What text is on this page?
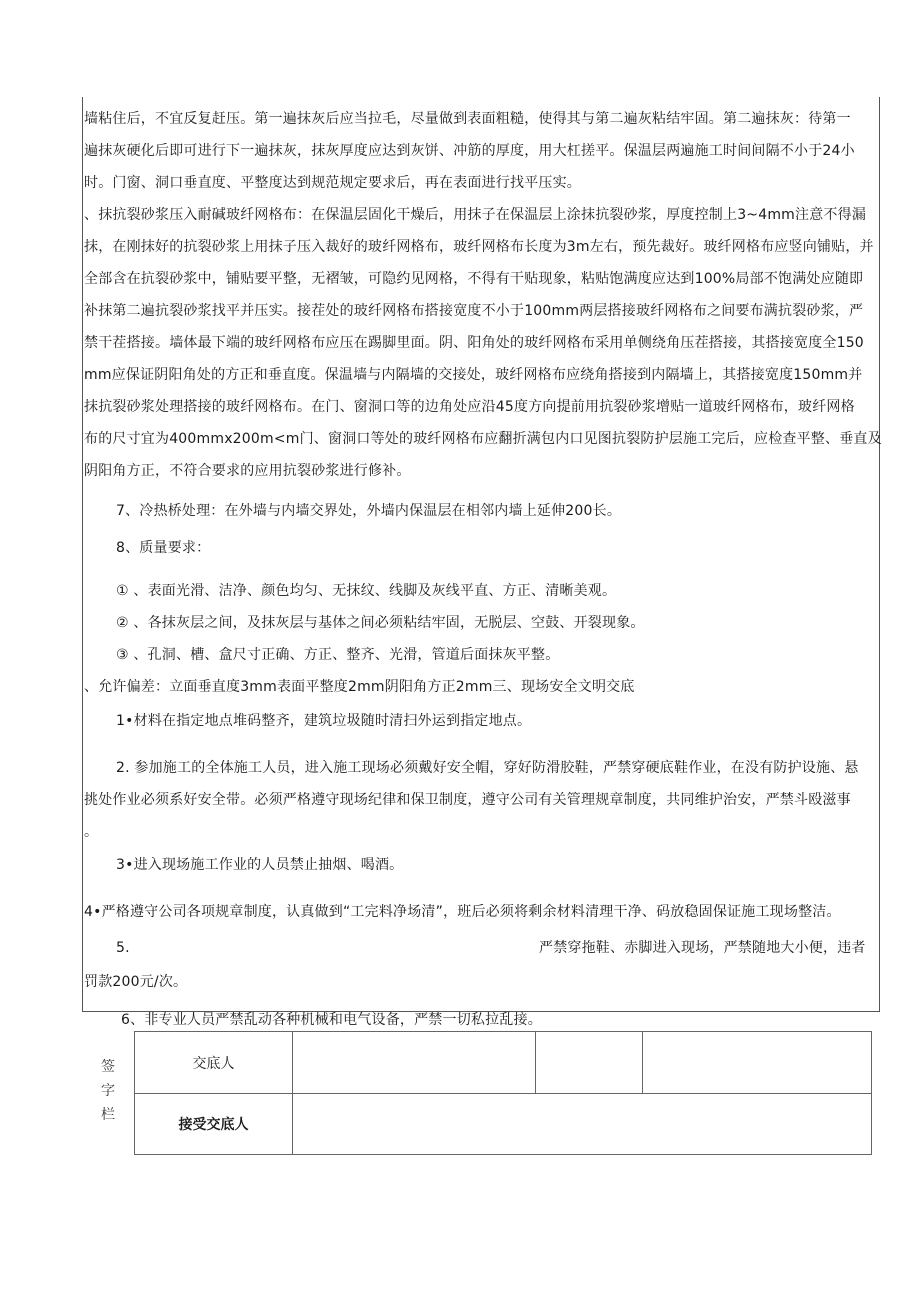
墙粘住后，不宜反复赶压。第一遍抹灰后应当拉毛，尽量做到表面粗糙，使得其与第二遍灰粘结牢固。第二遍抹灰：待第一
遍抹灰硬化后即可进行下一遍抹灰，抹灰厚度应达到灰饼、冲筋的厚度，用大杠搓平。保温层两遍施工时间间隔不小于24小
时。门窗、洞口垂直度、平整度达到规范规定要求后，再在表面进行找平压实。
、抹抗裂砂浆压入耐碱玻纤网格布：在保温层固化干燥后，用抹子在保温层上涂抹抗裂砂浆，厚度控制上3~4mm注意不得漏
抹，在刚抹好的抗裂砂浆上用抹子压入裁好的玻纤网格布，玻纤网格布长度为3m左右，预先裁好。玻纤网格布应竖向铺贴，并
全部含在抗裂砂浆中，铺贴要平整，无褶皱，可隐约见网格，不得有干贴现象，粘贴饱满度应达到100%局部不饱满处应随即
补抹第二遍抗裂砂浆找平并压实。接茬处的玻纤网格布搭接宽度不小于100mm两层搭接玻纤网格布之间要布满抗裂砂浆，严
禁干茬搭接。墙体最下端的玻纤网格布应压在踢脚里面。阴、阳角处的玻纤网格布采用单侧绕角压茬搭接，其搭接宽度全150
mm应保证阴阳角处的方正和垂直度。保温墙与内隔墙的交接处，玻纤网格布应绕角搭接到内隔墙上，其搭接宽度150mm并
抹抗裂砂浆处理搭接的玻纤网格布。在门、窗洞口等的边角处应沿45度方向提前用抗裂砂浆增贴一道玻纤网格布，玻纤网格
布的尺寸宜为400mmx200m<m门、窗洞口等处的玻纤网格布应翻折满包内口见图抗裂防护层施工完后，应检查平整、垂直及
阴阳角方正，不符合要求的应用抗裂砂浆进行修补。
7、冷热桥处理：在外墙与内墙交界处，外墙内保温层在相邻内墙上延伸200长。
8、质量要求：
① 、表面光滑、洁净、颜色均匀、无抹纹、线脚及灰线平直、方正、清晰美观。
② 、各抹灰层之间，及抹灰层与基体之间必须粘结牢固，无脱层、空鼓、开裂现象。
③ 、孔洞、槽、盒尺寸正确、方正、整齐、光滑，管道后面抹灰平整。
、允许偏差：立面垂直度3mm表面平整度2mm阴阳角方正2mm三、现场安全文明交底
1•材料在指定地点堆码整齐，建筑垃圾随时清扫外运到指定地点。
2. 参加施工的全体施工人员，进入施工现场必须戴好安全帽，穿好防滑胶鞋，严禁穿硬底鞋作业，在没有防护设施、悬
挑处作业必须系好安全带。必须严格遵守现场纪律和保卫制度，遵守公司有关管理规章制度，共同维护治安，严禁斗殴滋事
。
3•进入现场施工作业的人员禁止抽烟、喝酒。
4•严格遵守公司各项规章制度，认真做到“工完料净场清”，班后必须将剩余材料清理干净、码放稳固保证施工现场整洁。
5.	严禁穿拖鞋、赤脚进入现场，严禁随地大小便，违者
罚款200元/次。
6、非专业人员严禁乱动各种机械和电气设备，严禁一切私拉乱接。
签
字
栏
交底人			
接受交底人			
